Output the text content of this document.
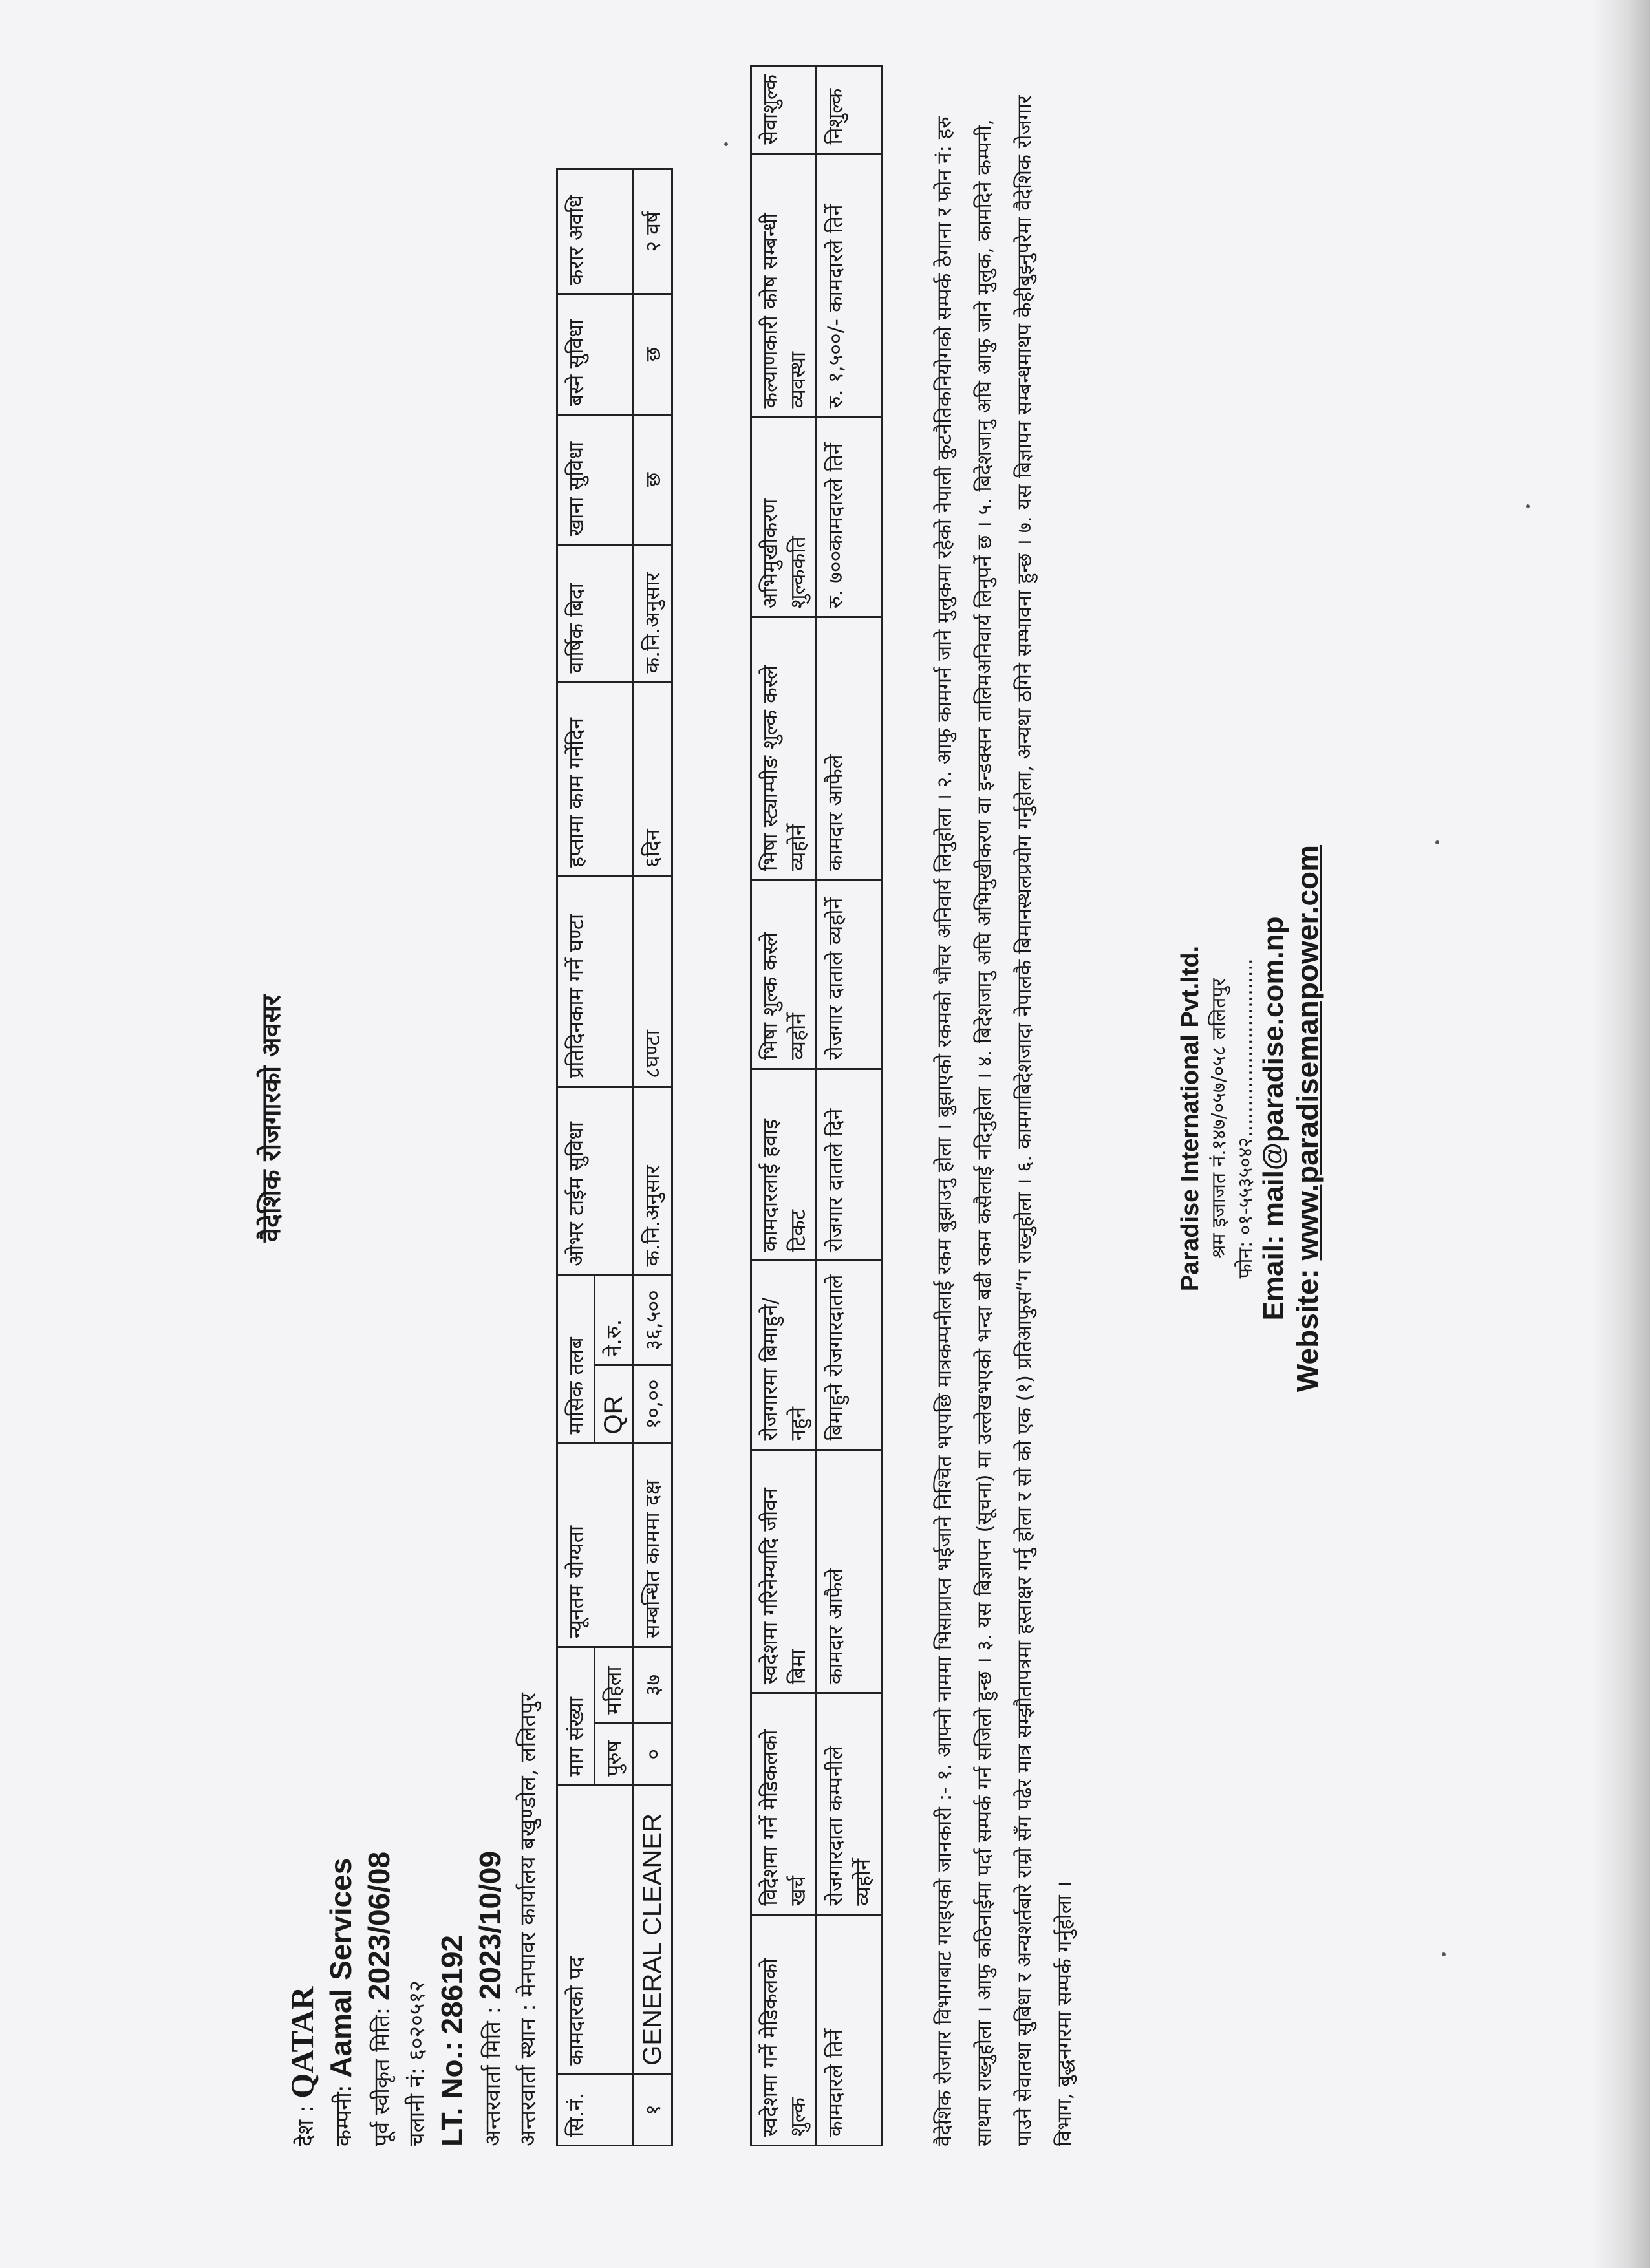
वैदेशिक रोजगारको अवसर
देश : QATAR
कम्पनी: Aamal Services पूर्व स्वीकृत मिति: 2023/06/08
चलानी नं: ६०२०५१२ LT. No.: 286192
अन्तरवार्ता मिति : 2023/10/09 अन्तरवार्ता स्थान : मेनपावर कार्यालय बखुण्डोल, ललितपुर सि.नं.	कामदारको पद	माग संख्या		न्यूनतम योग्यता	मासिक तलब		ओभर टाईम सुविधा	प्रतिदिनकाम गर्ने घण्टा	हप्तामा काम गर्नेदिन	वार्षिक बिदा	खाना सुविधा	बस्ने सुविधा	करार अवधि
		पुरुष	महिला		QR	ने.रु.							
१	GENERAL CLEANER	०	३७	सम्बन्धित काममा दक्ष	१०,००	३६,५००	क.नि.अनुसार	८घण्टा	६दिन	क.नि.अनुसार	छ	छ	२ वर्ष
स्वदेशमा गर्ने मेडिकलको शुल्क	विदेशमा गर्ने मेडिकलको खर्च	स्वदेशमा गरिनेम्यादि जीवन बिमा	रोजगारमा बिमाहुने/नहुने	कामदारलाई हवाइ टिकट	भिषा शुल्क कस्ले व्यहोर्ने	भिषा स्ट्याम्पीङ शुल्क कस्ले व्यहोर्ने	अभिमुखीकरण शुल्ककति	कल्याणकारी कोष सम्बन्धी व्यवस्था	सेवाशुल्क
कामदारले तिर्ने	रोजगारदाता कम्पनीले व्यहोर्ने	कामदार आफैले	बिमाहुने रोजगारदाताले	रोजगार दाताले दिने	रोजगार दाताले व्यहोर्ने	कामदार आफैले	रु. ७००कामदारले तिर्ने	रु. १,५००/- कामदारले तिर्ने	निशुल्क
वैदेशिक रोजगार विभागबाट गराइएको जानकारी :- १. आफ्नो नाममा भिसाप्राप्त भईजाने निश्चित भएपछि मात्रकम्पनीलाई रकम बुझाउनु होला । बुझाएको रकमको भौचर अनिवार्य लिनुहोला । २. आफु कामगर्न जाने मुलुकमा रहेको नेपाली कुटनैतिकनियोगको सम्पर्क ठेगाना र फोन नं: हरु साथमा राख्नुहोला । आफु कठिनाईमा पर्दा सम्पर्क गर्न सजिलो हुन्छ । ३. यस बिज्ञापन (सूचना) मा उल्लेखभएको भन्दा बढी रकम कसैलाई नदिनुहोला । ४. बिदेशजानु अघि अभिमुखीकरण वा इन्डक्सन तालिमअनिवार्य लिनुपर्ने छ । ५. बिदेशजानु अघि आफु जाने मुलुक, कामदिने कम्पनी, पाउने सेवातथा सुबिधा र अन्यशर्तबारे राम्रो सँग पढेर मात्र सम्झौतापत्रमा हस्ताक्षर गर्नु होला र सो को एक (१) प्रतिआफुस“ग राख्नुहोला । ६. कामगाबिदेशजादा नेपालकै बिमानस्थलप्रयोग गर्नुहोला, अन्यथा ठगिने सम्भावना हुन्छ । ७. यस बिज्ञापन सम्बन्धमाथप केहीबुझ्नुपरेमा वैदेशिक रोजगार विभाग, बुद्धनगरमा सम्पर्क गर्नुहोला ।
Paradise International Pvt.ltd. श्रम इजाजत नं.१४७/०५७/०५८ ललितपुर फोन: ०१-५५३५०४२............................. Email: mail@paradise.com.np
Website: www.paradisemanpower.com
